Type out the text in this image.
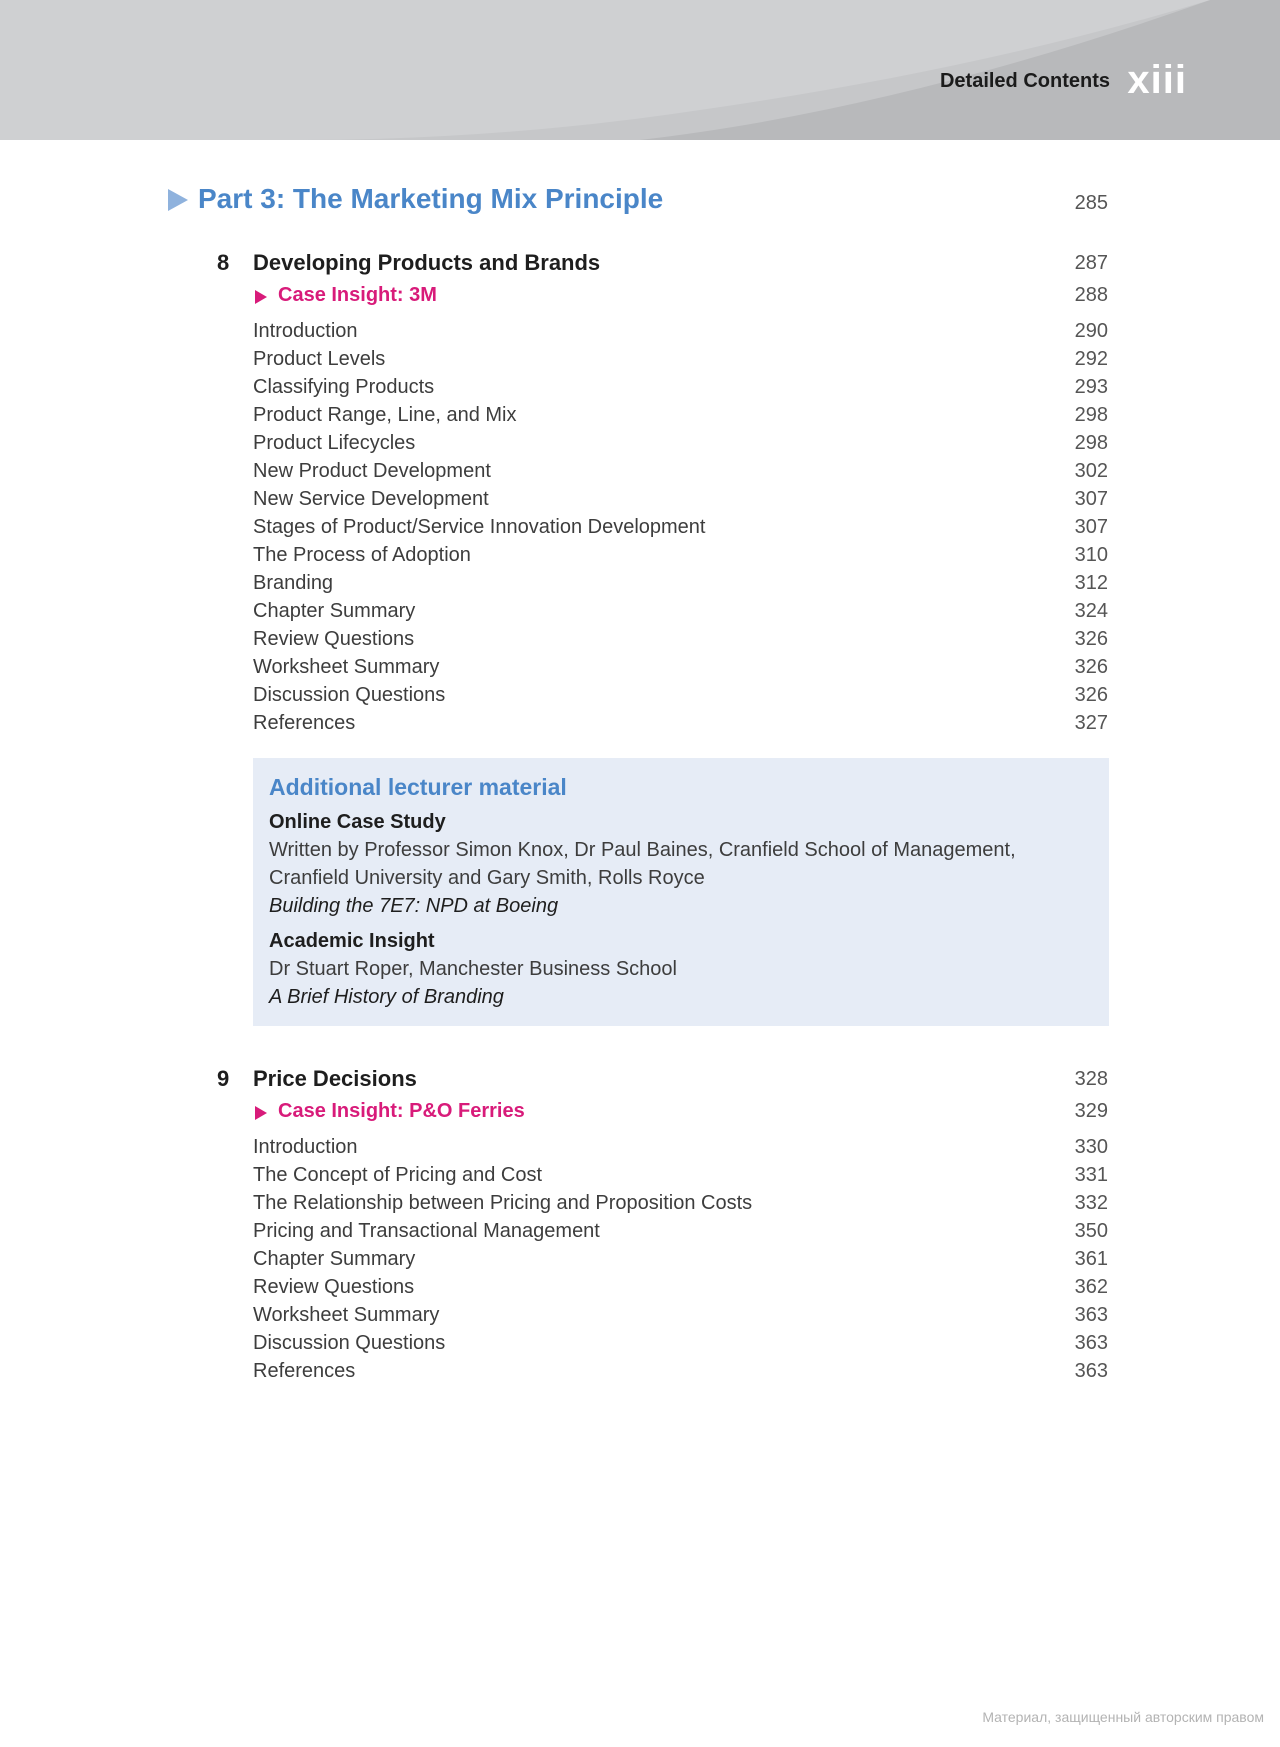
Detailed Contents xiii
Part 3: The Marketing Mix Principle	285
8 Developing Products and Brands	287
Case Insight: 3M	288
Introduction	290
Product Levels	292
Classifying Products	293
Product Range, Line, and Mix	298
Product Lifecycles	298
New Product Development	302
New Service Development	307
Stages of Product/Service Innovation Development	307
The Process of Adoption	310
Branding	312
Chapter Summary	324
Review Questions	326
Worksheet Summary	326
Discussion Questions	326
References	327
Additional lecturer material
Online Case Study
Written by Professor Simon Knox, Dr Paul Baines, Cranfield School of Management, Cranfield University and Gary Smith, Rolls Royce
Building the 7E7: NPD at Boeing
Academic Insight
Dr Stuart Roper, Manchester Business School
A Brief History of Branding
9 Price Decisions	328
Case Insight: P&O Ferries	329
Introduction	330
The Concept of Pricing and Cost	331
The Relationship between Pricing and Proposition Costs	332
Pricing and Transactional Management	350
Chapter Summary	361
Review Questions	362
Worksheet Summary	363
Discussion Questions	363
References	363
Материал, защищенный авторским правом
